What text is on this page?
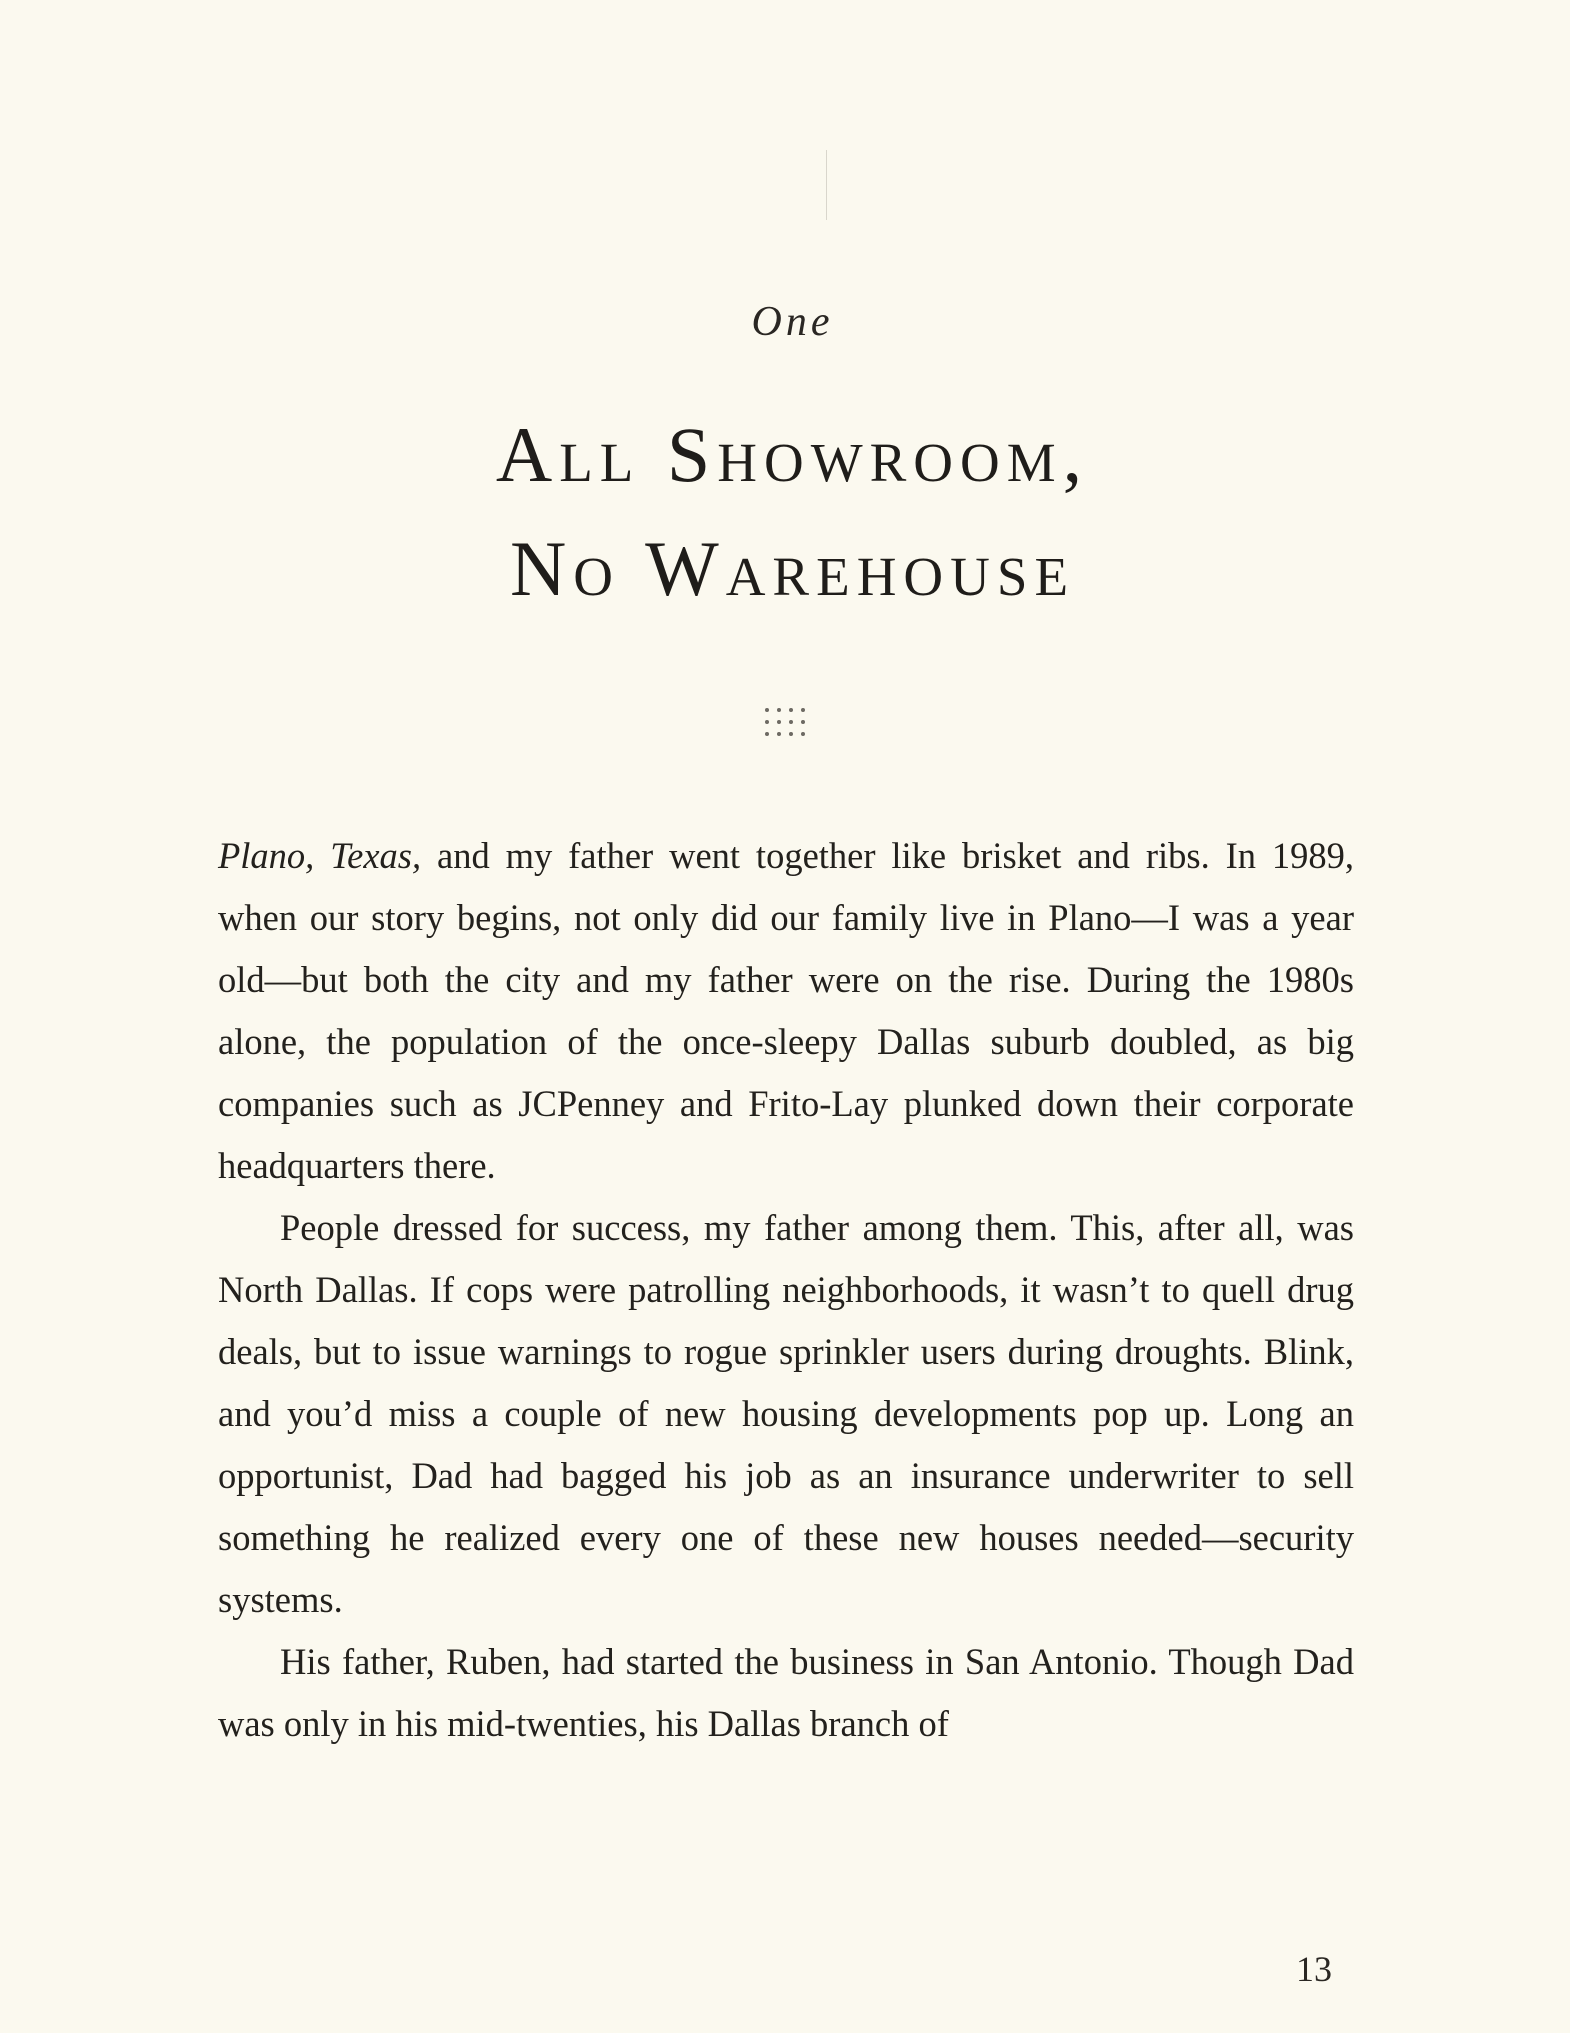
One
All Showroom,
No Warehouse

Plano, Texas, and my father went together like brisket and ribs. In 1989, when our story begins, not only did our family live in Plano—I was a year old—but both the city and my father were on the rise. During the 1980s alone, the population of the once-sleepy Dallas suburb doubled, as big companies such as JCPenney and Frito-Lay plunked down their corporate headquarters there.

People dressed for success, my father among them. This, after all, was North Dallas. If cops were patrolling neighborhoods, it wasn’t to quell drug deals, but to issue warnings to rogue sprinkler users during droughts. Blink, and you’d miss a couple of new housing developments pop up. Long an opportunist, Dad had bagged his job as an insurance underwriter to sell something he realized every one of these new houses needed—security systems.

His father, Ruben, had started the business in San Antonio. Though Dad was only in his mid-twenties, his Dallas branch of

13
